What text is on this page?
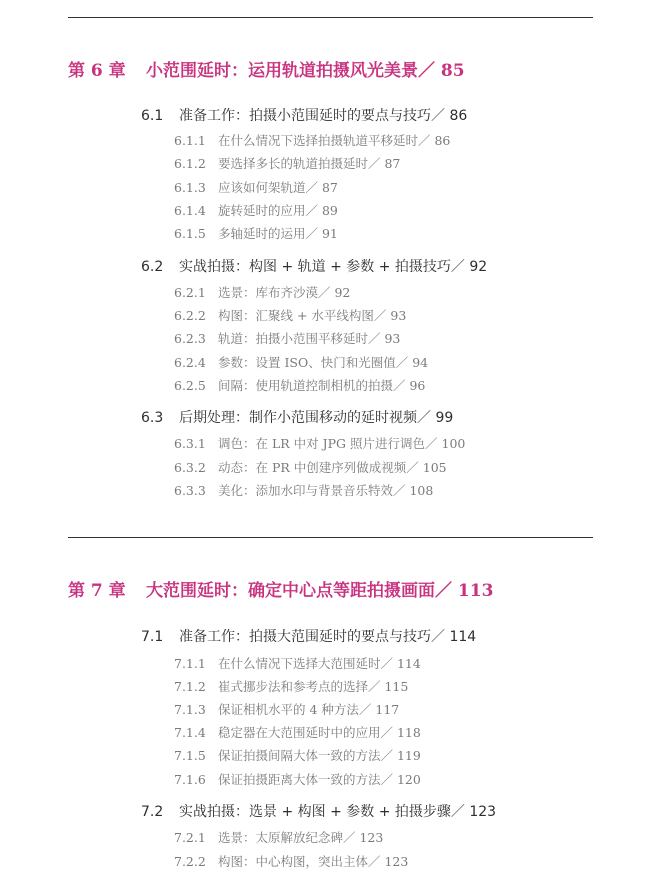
第 6 章 小范围延时：运用轨道拍摄风光美景／ 85
6.1 准备工作：拍摄小范围延时的要点与技巧／ 86
6.1.1 在什么情况下选择拍摄轨道平移延时／ 86
6.1.2 要选择多长的轨道拍摄延时／ 87
6.1.3 应该如何架轨道／ 87
6.1.4 旋转延时的应用／ 89
6.1.5 多轴延时的运用／ 91
6.2 实战拍摄：构图 + 轨道 + 参数 + 拍摄技巧／ 92
6.2.1 选景：库布齐沙漠／ 92
6.2.2 构图：汇聚线 + 水平线构图／ 93
6.2.3 轨道：拍摄小范围平移延时／ 93
6.2.4 参数：设置 ISO、快门和光圈值／ 94
6.2.5 间隔：使用轨道控制相机的拍摄／ 96
6.3 后期处理：制作小范围移动的延时视频／ 99
6.3.1 调色：在 LR 中对 JPG 照片进行调色／ 100
6.3.2 动态：在 PR 中创建序列做成视频／ 105
6.3.3 美化：添加水印与背景音乐特效／ 108
第 7 章 大范围延时：确定中心点等距拍摄画面／ 113
7.1 准备工作：拍摄大范围延时的要点与技巧／ 114
7.1.1 在什么情况下选择大范围延时／ 114
7.1.2 崔式挪步法和参考点的选择／ 115
7.1.3 保证相机水平的 4 种方法／ 117
7.1.4 稳定器在大范围延时中的应用／ 118
7.1.5 保证拍摄间隔大体一致的方法／ 119
7.1.6 保证拍摄距离大体一致的方法／ 120
7.2 实战拍摄：选景 + 构图 + 参数 + 拍摄步骤／ 123
7.2.1 选景：太原解放纪念碑／ 123
7.2.2 构图：中心构图，突出主体／ 123
